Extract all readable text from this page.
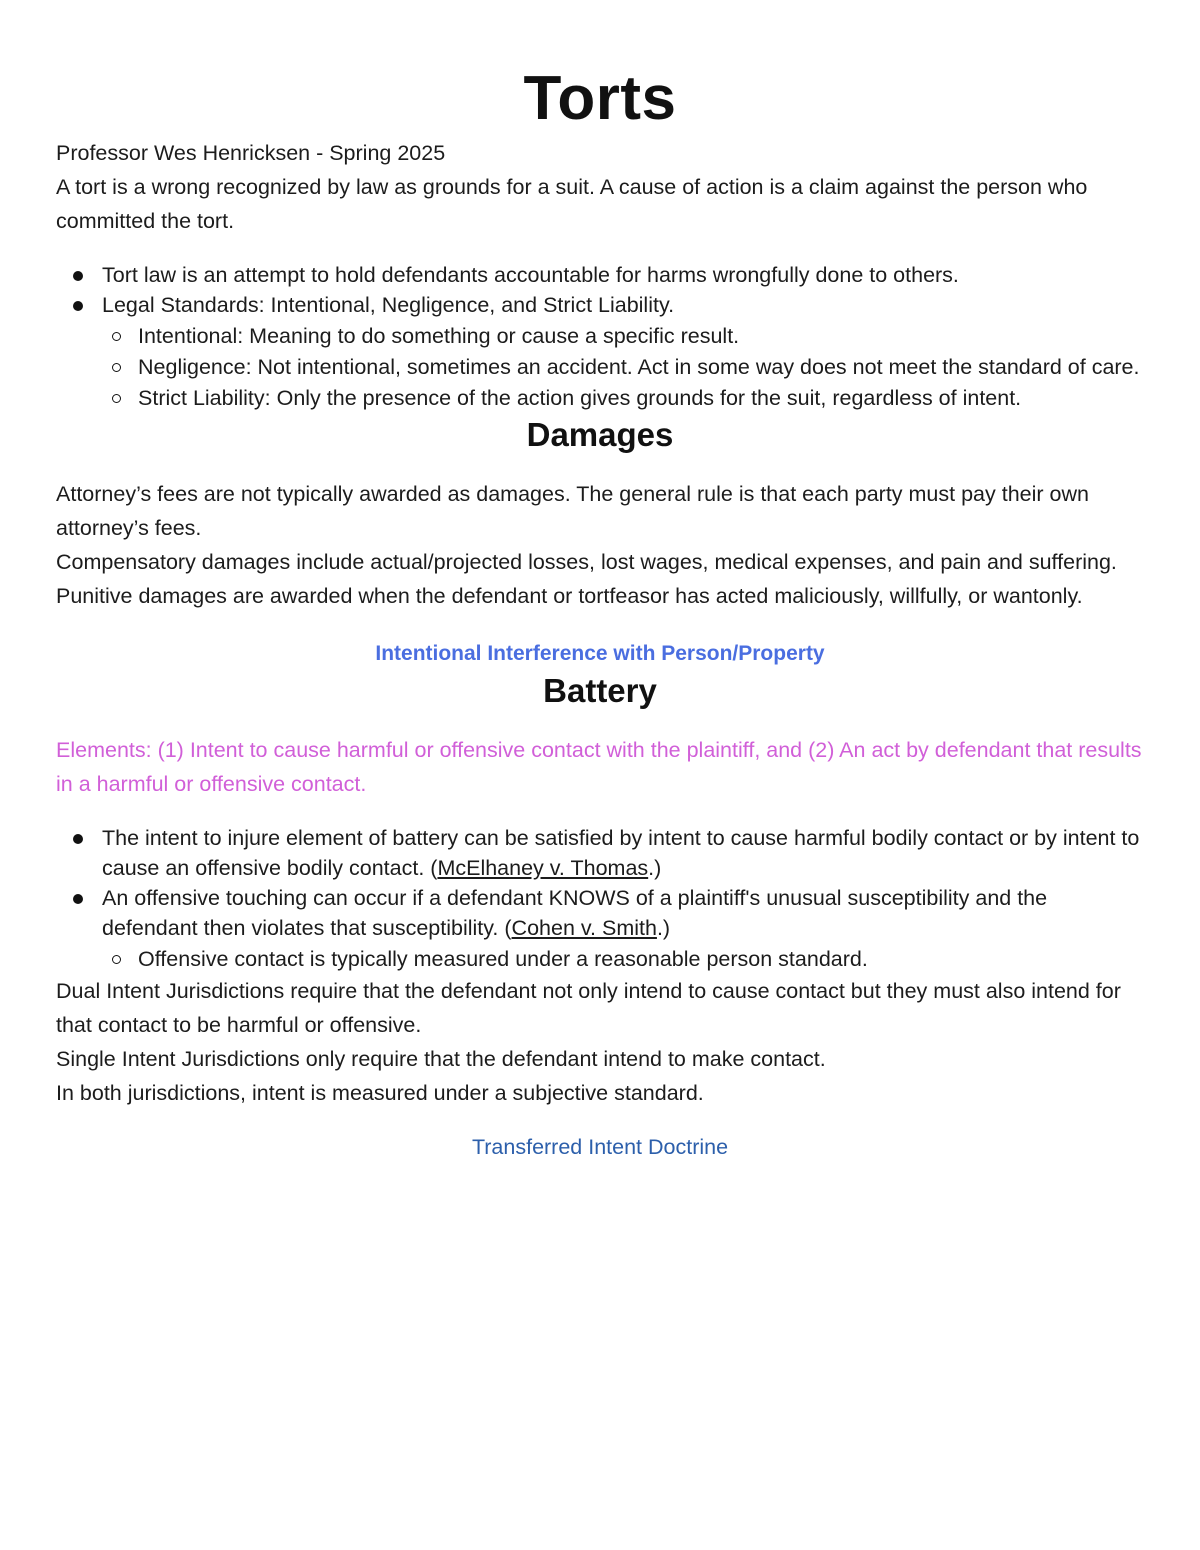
Torts

Professor Wes Henricksen - Spring 2025

A tort is a wrong recognized by law as grounds for a suit. A cause of action is a claim against the person who committed the tort.

Tort law is an attempt to hold defendants accountable for harms wrongfully done to others.
Legal Standards: Intentional, Negligence, and Strict Liability.
Intentional: Meaning to do something or cause a specific result.
Negligence: Not intentional, sometimes an accident. Act in some way does not meet the standard of care.
Strict Liability: Only the presence of the action gives grounds for the suit, regardless of intent.
Damages

Attorney’s fees are not typically awarded as damages. The general rule is that each party must pay their own attorney’s fees.

Compensatory damages include actual/projected losses, lost wages, medical expenses, and pain and suffering.

Punitive damages are awarded when the defendant or tortfeasor has acted maliciously, willfully, or wantonly.

Intentional Interference with Person/Property
Battery

Elements: (1) Intent to cause harmful or offensive contact with the plaintiff, and (2) An act by defendant that results in a harmful or offensive contact.

The intent to injure element of battery can be satisfied by intent to cause harmful bodily contact or by intent to cause an offensive bodily contact. (McElhaney v. Thomas.)
An offensive touching can occur if a defendant KNOWS of a plaintiff's unusual susceptibility and the defendant then violates that susceptibility. (Cohen v. Smith.)
Offensive contact is typically measured under a reasonable person standard.

Dual Intent Jurisdictions require that the defendant not only intend to cause contact but they must also intend for that contact to be harmful or offensive.

Single Intent Jurisdictions only require that the defendant intend to make contact.

In both jurisdictions, intent is measured under a subjective standard.

Transferred Intent Doctrine
